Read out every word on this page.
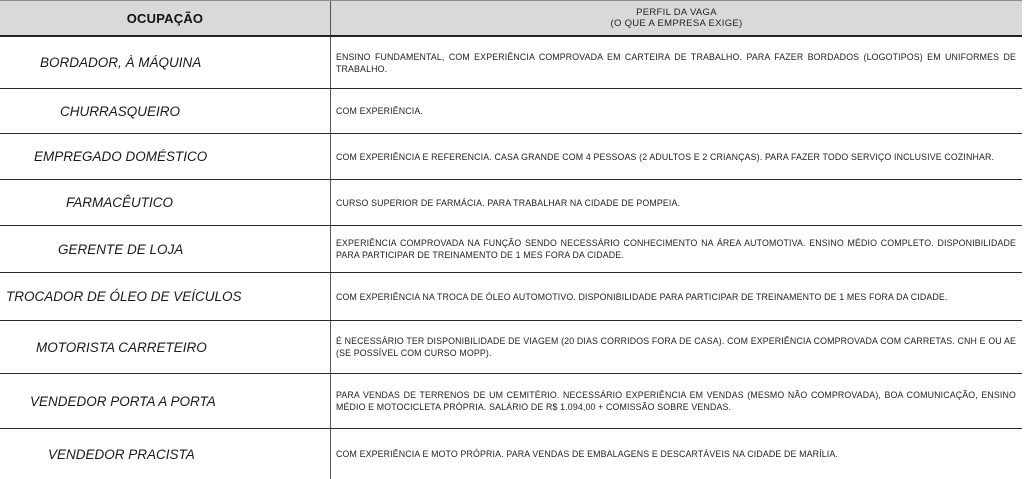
OCUPAÇÃO	PERFIL DA VAGA
(O QUE A EMPRESA EXIGE)
BORDADOR, À MÁQUINA	ENSINO FUNDAMENTAL, COM EXPERIÊNCIA COMPROVADA EM CARTEIRA DE TRABALHO. PARA FAZER BORDADOS (LOGOTIPOS) EM UNIFORMES DE TRABALHO.
CHURRASQUEIRO	COM EXPERIÊNCIA.
EMPREGADO DOMÉSTICO	COM EXPERIÊNCIA E REFERENCIA. CASA GRANDE COM 4 PESSOAS (2 ADULTOS E 2 CRIANÇAS). PARA FAZER TODO SERVIÇO INCLUSIVE COZINHAR.
FARMACÊUTICO	CURSO SUPERIOR DE FARMÁCIA. PARA TRABALHAR NA CIDADE DE POMPEIA.
GERENTE DE LOJA	EXPERIÊNCIA COMPROVADA NA FUNÇÃO SENDO NECESSÁRIO CONHECIMENTO NA ÁREA AUTOMOTIVA. ENSINO MÉDIO COMPLETO. DISPONIBILIDADE PARA PARTICIPAR DE TREINAMENTO DE 1 MES FORA DA CIDADE.
TROCADOR DE ÓLEO DE VEÍCULOS	COM EXPERIÊNCIA NA TROCA DE ÓLEO AUTOMOTIVO. DISPONIBILIDADE PARA PARTICIPAR DE TREINAMENTO DE 1 MES FORA DA CIDADE.
MOTORISTA CARRETEIRO	É NECESSÁRIO TER DISPONIBILIDADE DE VIAGEM (20 DIAS CORRIDOS FORA DE CASA). COM EXPERIÊNCIA COMPROVADA COM CARRETAS. CNH E OU AE (SE POSSÍVEL COM CURSO MOPP).
VENDEDOR PORTA A PORTA	PARA VENDAS DE TERRENOS DE UM CEMITÉRIO. NECESSÁRIO EXPERIÊNCIA EM VENDAS (MESMO NÃO COMPROVADA), BOA COMUNICAÇÃO, ENSINO MÉDIO E MOTOCICLETA PRÓPRIA. SALÁRIO DE R$ 1.094,00 + COMISSÃO SOBRE VENDAS.
VENDEDOR PRACISTA	COM EXPERIÊNCIA E MOTO PRÓPRIA. PARA VENDAS DE EMBALAGENS E DESCARTÁVEIS NA CIDADE DE MARÍLIA.
